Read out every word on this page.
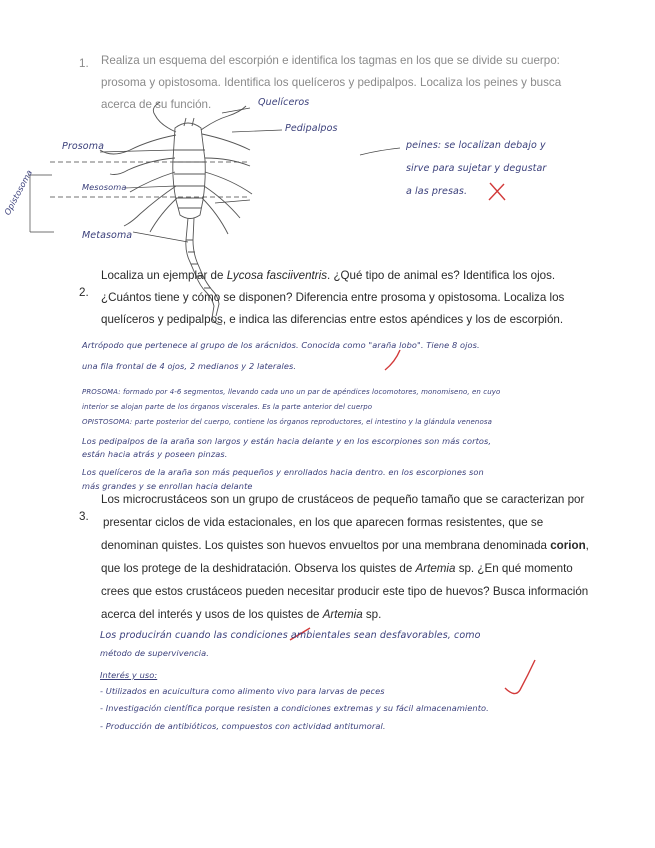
1. Realiza un esquema del escorpión e identifica los tagmas en los que se divide su cuerpo:
prosoma y opistosoma. Identifica los quelíceros y pedipalpos. Localiza los peines y busca
acerca de su función.	Quelíceros
Pedipalpos
Prosoma
Mesosoma
Metasoma
Opistosoma
peines: se localizan debajo y
sirve para sujetar y degustar
a las presas.
2.
Localiza un ejemplar de Lycosa fasciiventris. ¿Qué tipo de animal es? Identifica los ojos.
¿Cuántos tiene y cómo se disponen? Diferencia entre prosoma y opistosoma. Localiza los
quelíceros y pedipalpos, e indica las diferencias entre estos apéndices y los de escorpión.
Artrópodo que pertenece al grupo de los arácnidos. Conocida como "araña lobo". Tiene 8 ojos.
una fila frontal de 4 ojos, 2 medianos y 2 laterales.
PROSOMA: formado por 4-6 segmentos, llevando cada uno un par de apéndices locomotores, monomiseno, en cuyo
interior se alojan parte de los órganos viscerales. Es la parte anterior del cuerpo
OPISTOSOMA: parte posterior del cuerpo, contiene los órganos reproductores, el intestino y la glándula venenosa
Los pedipalpos de la araña son largos y están hacia delante y en los escorpiones son más cortos,
están hacia atrás y poseen pinzas.
Los quelíceros de la araña son más pequeños y enrollados hacia dentro. en los escorpiones son
más grandes y se enrollan hacia delante
3.
Los microcrustáceos son un grupo de crustáceos de pequeño tamaño que se caracterizan por
presentar ciclos de vida estacionales, en los que aparecen formas resistentes, que se
denominan quistes. Los quistes son huevos envueltos por una membrana denominada corion,
que los protege de la deshidratación. Observa los quistes de Artemia sp. ¿En qué momento
crees que estos crustáceos pueden necesitar producir este tipo de huevos? Busca información
acerca del interés y usos de los quistes de Artemia sp.
Los producirán cuando las condiciones ambientales sean desfavorables, como
método de supervivencia.
Interés y uso:
- Utilizados en acuicultura como alimento vivo para larvas de peces
- Investigación científica porque resisten a condiciones extremas y su fácil almacenamiento.
- Producción de antibióticos, compuestos con actividad antitumoral.
